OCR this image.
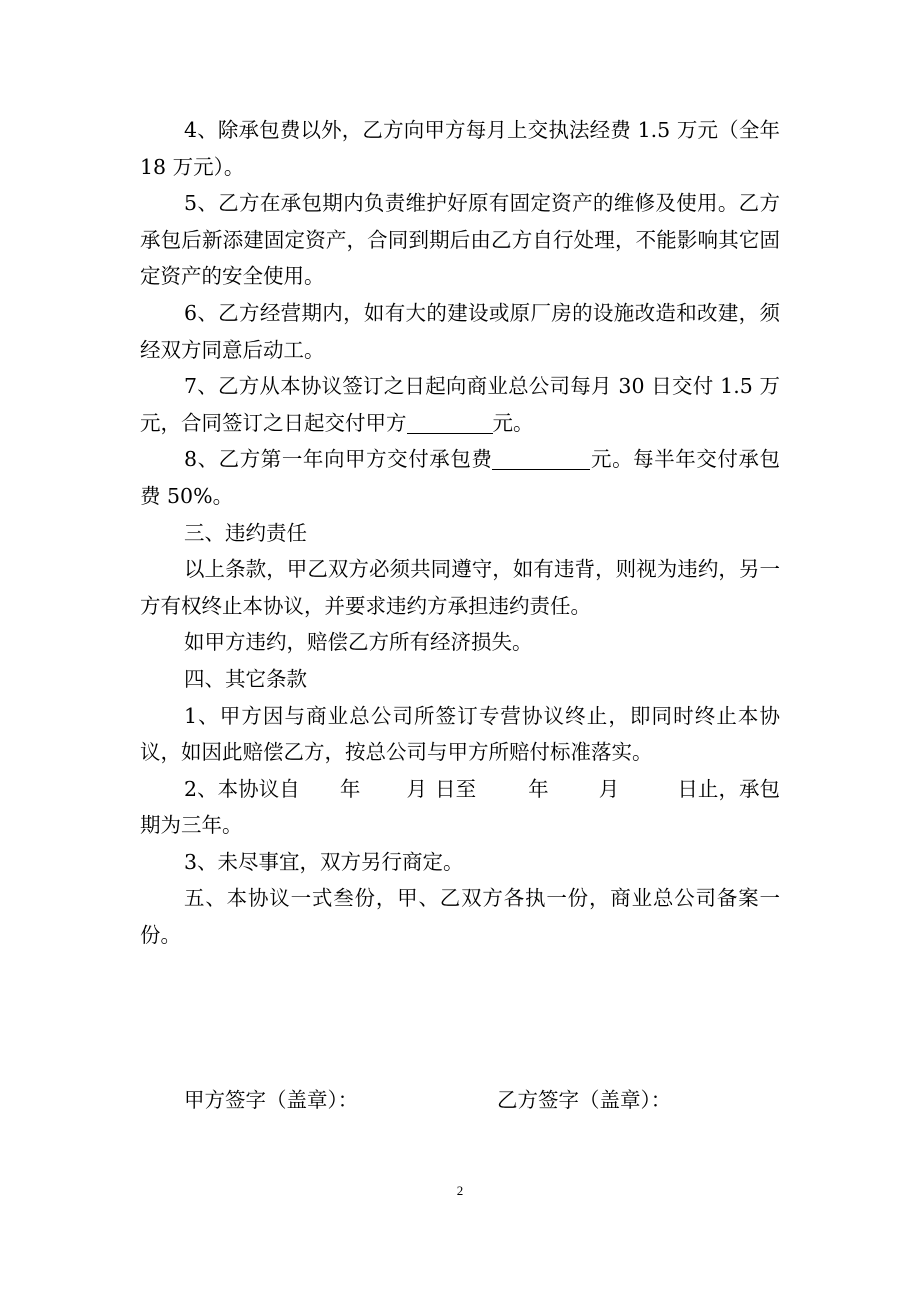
4、除承包费以外，乙方向甲方每月上交执法经费 1.5 万元（全年 18 万元）。

5、乙方在承包期内负责维护好原有固定资产的维修及使用。乙方承包后新添建固定资产，合同到期后由乙方自行处理，不能影响其它固定资产的安全使用。

6、乙方经营期内，如有大的建设或原厂房的设施改造和改建，须经双方同意后动工。

7、乙方从本协议签订之日起向商业总公司每月 30 日交付 1.5 万元，合同签订之日起交付甲方	元。

8、乙方第一年向甲方交付承包费	元。每半年交付承包费 50%。

三、违约责任

以上条款，甲乙双方必须共同遵守，如有违背，则视为违约，另一方有权终止本协议，并要求违约方承担违约责任。

如甲方违约，赔偿乙方所有经济损失。

四、其它条款

1、甲方因与商业总公司所签订专营协议终止，即同时终止本协议，如因此赔偿乙方，按总公司与甲方所赔付标准落实。

2、本协议自 年 月 日至	年 月	日止，承包期为三年。

3、未尽事宜，双方另行商定。

五、本协议一式叁份，甲、乙双方各执一份，商业总公司备案一份。

甲方签字（盖章）：	乙方签字（盖章）：
2
